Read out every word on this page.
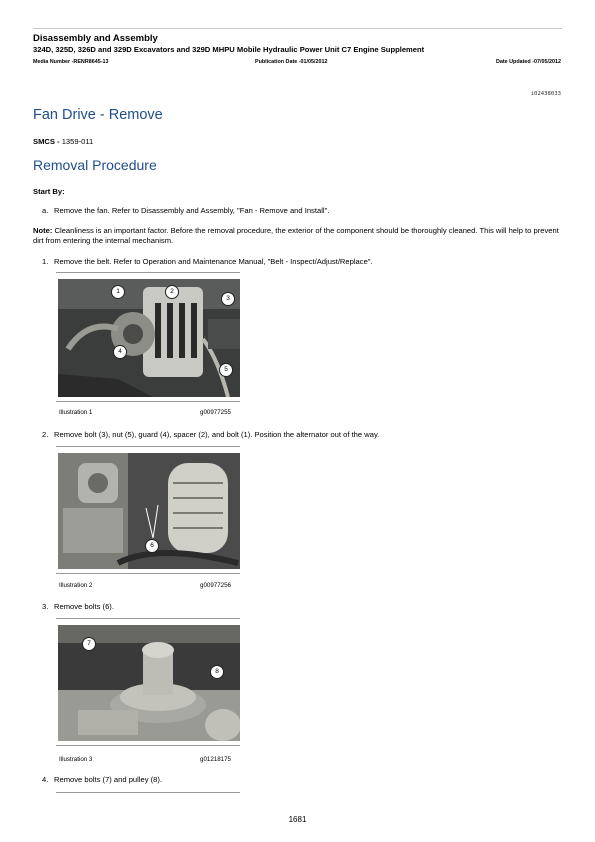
Disassembly and Assembly
324D, 325D, 326D and 329D Excavators and 329D MHPU Mobile Hydraulic Power Unit C7 Engine Supplement
Media Number -RENR8645-13	Publication Date -01/05/2012	Date Updated -07/05/2012
i02438033
Fan Drive - Remove
SMCS - 1359-011
Removal Procedure
Start By:
a. Remove the fan. Refer to Disassembly and Assembly, "Fan - Remove and Install".
Note: Cleanliness is an important factor. Before the removal procedure, the exterior of the component should be thoroughly cleaned. This will help to prevent dirt from entering the internal mechanism.
1. Remove the belt. Refer to Operation and Maintenance Manual, "Belt - Inspect/Adjust/Replace".
1	2
3
4
5
Illustration 1	g00977255
2. Remove bolt (3), nut (5), guard (4), spacer (2), and bolt (1). Position the alternator out of the way.
6
Illustration 2	g00977256
3. Remove bolts (6).
7
8
Illustration 3	g01218175
4. Remove bolts (7) and pulley (8).
1681
